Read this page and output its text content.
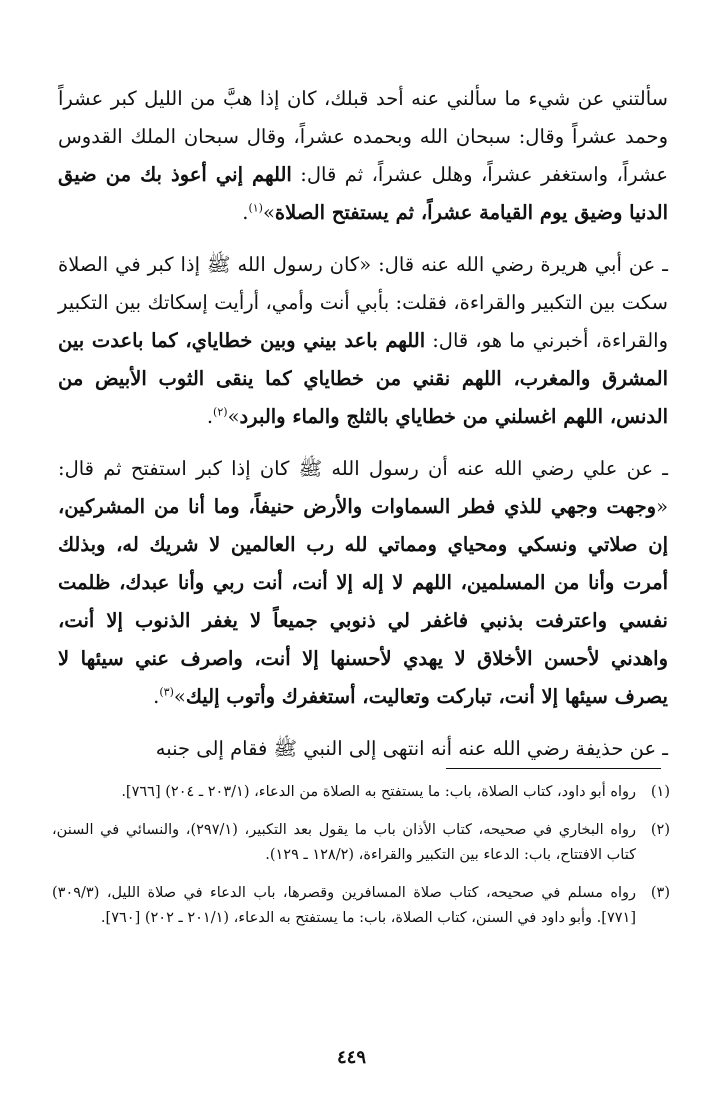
سألتني عن شيء ما سألني عنه أحد قبلك، كان إذا هبَّ من الليل كبر عشراً وحمد عشراً وقال: سبحان الله وبحمده عشراً، وقال سبحان الملك القدوس عشراً، واستغفر عشراً، وهلل عشراً، ثم قال: اللهم إني أعوذ بك من ضيق الدنيا وضيق يوم القيامة عشراً، ثم يستفتح الصلاة»$^{(١)}$.

ـ عن أبي هريرة رضي الله عنه قال: «كان رسول الله ﷺ إذا كبر في الصلاة سكت بين التكبير والقراءة، فقلت: بأبي أنت وأمي، أرأيت إسكاتك بين التكبير والقراءة، أخبرني ما هو، قال: اللهم باعد بيني وبين خطاياي، كما باعدت بين المشرق والمغرب، اللهم نقني من خطاياي كما ينقى الثوب الأبيض من الدنس، اللهم اغسلني من خطاياي بالثلج والماء والبرد»$^{(٢)}$.

ـ عن علي رضي الله عنه أن رسول الله ﷺ كان إذا كبر استفتح ثم قال: «وجهت وجهي للذي فطر السماوات والأرض حنيفاً، وما أنا من المشركين، إن صلاتي ونسكي ومحياي ومماتي لله رب العالمين لا شريك له، وبذلك أمرت وأنا من المسلمين، اللهم لا إله إلا أنت، أنت ربي وأنا عبدك، ظلمت نفسي واعترفت بذنبي فاغفر لي ذنوبي جميعاً لا يغفر الذنوب إلا أنت، واهدني لأحسن الأخلاق لا يهدي لأحسنها إلا أنت، واصرف عني سيئها لا يصرف سيئها إلا أنت، تباركت وتعاليت، أستغفرك وأتوب إليك»$^{(٣)}$.

ـ عن حذيفة رضي الله عنه أنه انتهى إلى النبي ﷺ فقام إلى جنبه

(١)
رواه أبو داود، كتاب الصلاة، باب: ما يستفتح به الصلاة من الدعاء، (٢٠٣/١ ـ ٢٠٤) [٧٦٦].
(٢)
رواه البخاري في صحيحه، كتاب الأذان باب ما يقول بعد التكبير، (٢٩٧/١)، والنسائي في السنن، كتاب الافتتاح، باب: الدعاء بين التكبير والقراءة، (١٢٨/٢ ـ ١٢٩).
(٣)
رواه مسلم في صحيحه، كتاب صلاة المسافرين وقصرها، باب الدعاء في صلاة الليل، (٣٠٩/٣) [٧٧١]. وأبو داود في السنن، كتاب الصلاة، باب: ما يستفتح به الدعاء، (٢٠١/١ ـ ٢٠٢) [٧٦٠].
٤٤٩
